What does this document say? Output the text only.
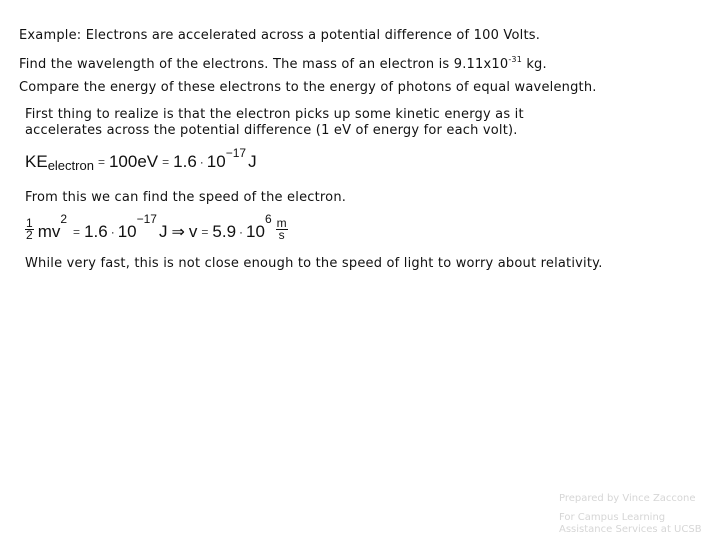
Example: Electrons are accelerated across a potential difference of 100 Volts.

Find the wavelength of the electrons. The mass of an electron is $9.11x10^{-31}$ kg.

Compare the energy of these electrons to the energy of photons of equal wavelength.

First thing to realize is that the electron picks up some kinetic energy as it accelerates across the potential difference (1 eV of energy for each volt).

KE electron = 100eV = 1.6 · 10 −17 J

From this we can find the speed of the electron.

$\frac{1}{2}$ mv
2
= 1.6 · 10
−17
J ⇒ v = 5.9 · 10
$6 \frac{m}{s}$

While very fast, this is not close enough to the speed of light to worry about relativity.

Prepared by Vince Zaccone
For Campus Learning
Assistance Services at UCSB
